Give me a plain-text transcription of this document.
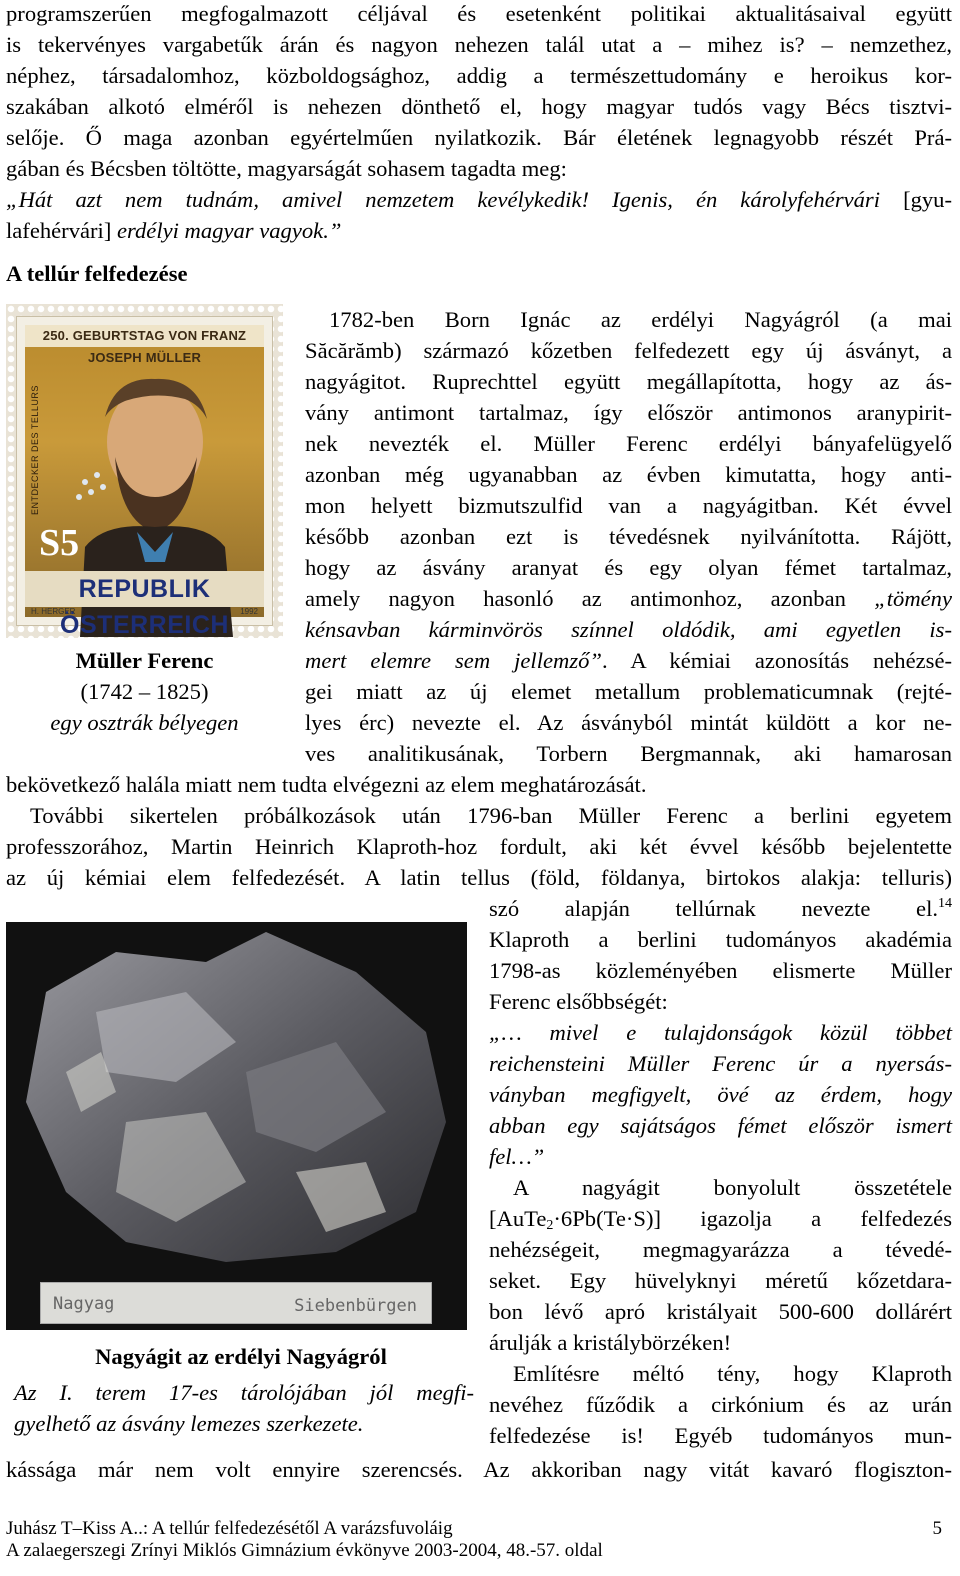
programszerűen megfogalmazott céljával és esetenként politikai aktualitásaival együtt
is tekervényes vargabetűk árán és nagyon nehezen talál utat a – mihez is? – nemzethez,
néphez, társadalomhoz, közboldogsághoz, addig a természettudomány e heroikus kor-
szakában alkotó elméről is nehezen dönthető el, hogy magyar tudós vagy Bécs tisztvi-
selője. Ő maga azonban egyértelműen nyilatkozik. Bár életének legnagyobb részét Prá-
gában és Bécsben töltötte, magyarságát sohasem tagadta meg:
„Hát azt nem tudnám, amivel nemzetem kevélykedik! Igenis, én károlyfehérvári [gyu-
lafehérvári] erdélyi magyar vagyok.”
A tellúr felfedezése
250. GEBURTSTAG VON FRANZ JOSEPH MÜLLER
ENTDECKER DES TELLURS
S5
REPUBLIK ÖSTERREICH
H. HERGER	1992
Müller Ferenc
(1742 – 1825)
egy osztrák bélyegen
1782-ben Born Ignác az erdélyi Nagyágról (a mai
Săcărămb) származó kőzetben felfedezett egy új ásványt, a
nagyágitot. Ruprechttel együtt megállapította, hogy az ás-
vány antimont tartalmaz, így először antimonos aranypirit-
nek nevezték el. Müller Ferenc erdélyi bányafelügyelő
azonban még ugyanabban az évben kimutatta, hogy anti-
mon helyett bizmutszulfid van a nagyágitban. Két évvel
később azonban ezt is tévedésnek nyilvánította. Rájött,
hogy az ásvány aranyat és egy olyan fémet tartalmaz,
amely nagyon hasonló az antimonhoz, azonban „tömény
kénsavban kárminvörös színnel oldódik, ami egyetlen is-
mert elemre sem jellemző”. A kémiai azonosítás nehézsé-
gei miatt az új elemet metallum problematicumnak (rejté-
lyes érc) nevezte el. Az ásványból mintát küldött a kor ne-
ves analitikusának, Torbern Bergmannak, aki hamarosan
bekövetkező halála miatt nem tudta elvégezni az elem meghatározását.
További sikertelen próbálkozások után 1796-ban Müller Ferenc a berlini egyetem
professzorához, Martin Heinrich Klaproth-hoz fordult, aki két évvel később bejelentette
az új kémiai elem felfedezését. A latin tellus (föld, földanya, birtokos alakja: telluris)
szó alapján tellúrnak nevezte el.$^{14}$
Klaproth a berlini tudományos akadémia
1798-as közleményében elismerte Müller
Ferenc elsőbbségét:
„… mivel e tulajdonságok közül többet
reichensteini Müller Ferenc úr a nyersás-
ványban megfigyelt, övé az érdem, hogy
abban egy sajátságos fémet először ismert
fel…”
A nagyágit bonyolult összetétele
[AuTe$_2$·6Pb(Te·S)] igazolja a felfedezés
nehézségeit, megmagyarázza a tévedé-
seket. Egy hüvelyknyi méretű kőzetdara-
bon lévő apró kristályait 500-600 dollárért
árulják a kristálybörzéken!
Említésre méltó tény, hogy Klaproth
nevéhez fűződik a cirkónium és az urán
felfedezése is! Egyéb tudományos mun-
Nagyag	Siebenbürgen
Nagyágit az erdélyi Nagyágról
Az I. terem 17-es tárolójában jól megfi-
gyelhető az ásvány lemezes szerkezete.
kássága már nem volt ennyire szerencsés. Az akkoriban nagy vitát kavaró flogiszton-
Juhász T–Kiss A..: A tellúr felfedezésétől A varázsfuvoláig
A zalaegerszegi Zrínyi Miklós Gimnázium évkönyve 2003-2004, 48.-57. oldal
5
